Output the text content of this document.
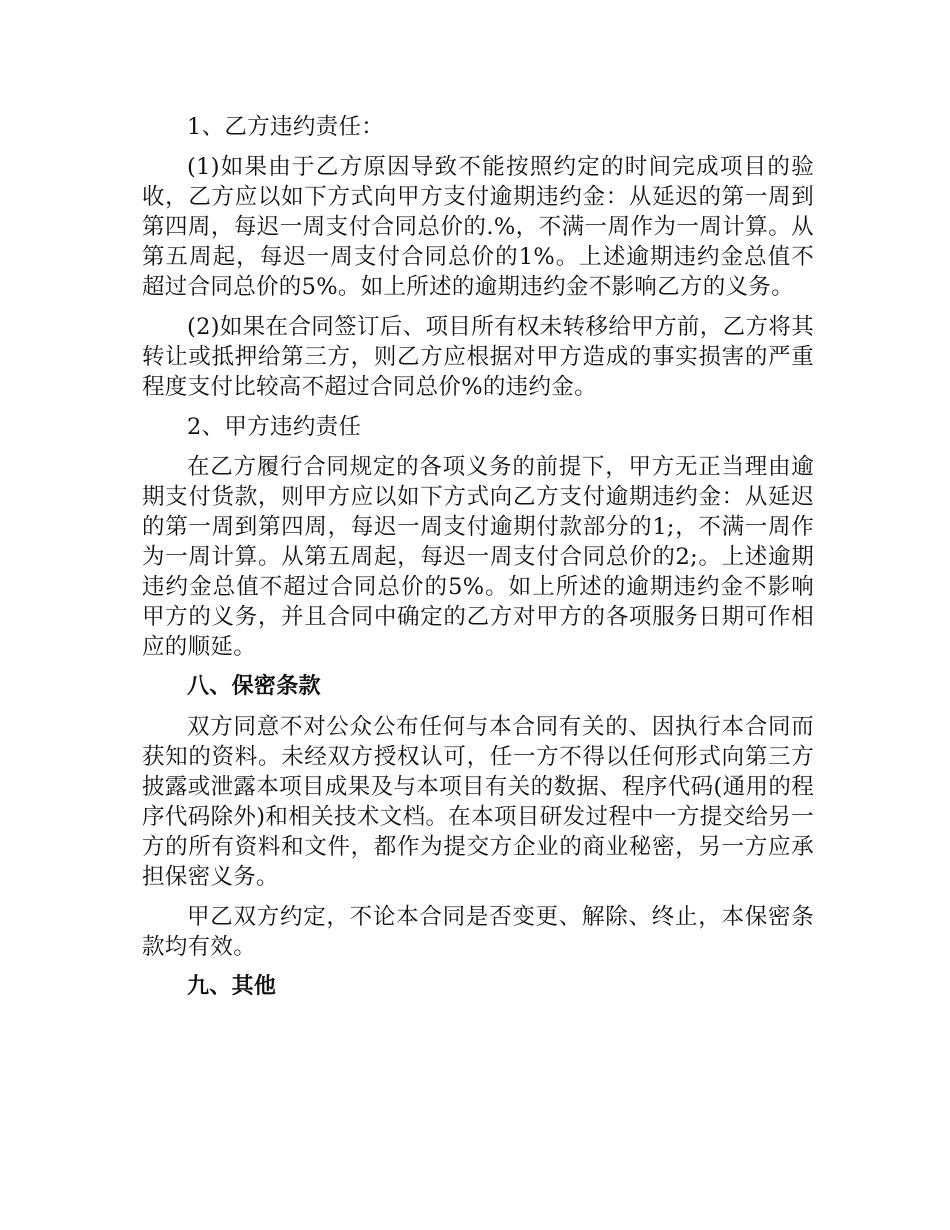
1、乙方违约责任：

(1)如果由于乙方原因导致不能按照约定的时间完成项目的验收，乙方应以如下方式向甲方支付逾期违约金：从延迟的第一周到第四周，每迟一周支付合同总价的.%，不满一周作为一周计算。从第五周起，每迟一周支付合同总价的1%。上述逾期违约金总值不超过合同总价的5%。如上所述的逾期违约金不影响乙方的义务。

(2)如果在合同签订后、项目所有权未转移给甲方前，乙方将其转让或抵押给第三方，则乙方应根据对甲方造成的事实损害的严重程度支付比较高不超过合同总价%的违约金。

2、甲方违约责任

在乙方履行合同规定的各项义务的前提下，甲方无正当理由逾期支付货款，则甲方应以如下方式向乙方支付逾期违约金：从延迟的第一周到第四周，每迟一周支付逾期付款部分的1;，不满一周作为一周计算。从第五周起，每迟一周支付合同总价的2;。上述逾期违约金总值不超过合同总价的5%。如上所述的逾期违约金不影响甲方的义务，并且合同中确定的乙方对甲方的各项服务日期可作相应的顺延。

八、保密条款

双方同意不对公众公布任何与本合同有关的、因执行本合同而获知的资料。未经双方授权认可，任一方不得以任何形式向第三方披露或泄露本项目成果及与本项目有关的数据、程序代码(通用的程序代码除外)和相关技术文档。在本项目研发过程中一方提交给另一方的所有资料和文件，都作为提交方企业的商业秘密，另一方应承担保密义务。

甲乙双方约定，不论本合同是否变更、解除、终止，本保密条款均有效。

九、其他
